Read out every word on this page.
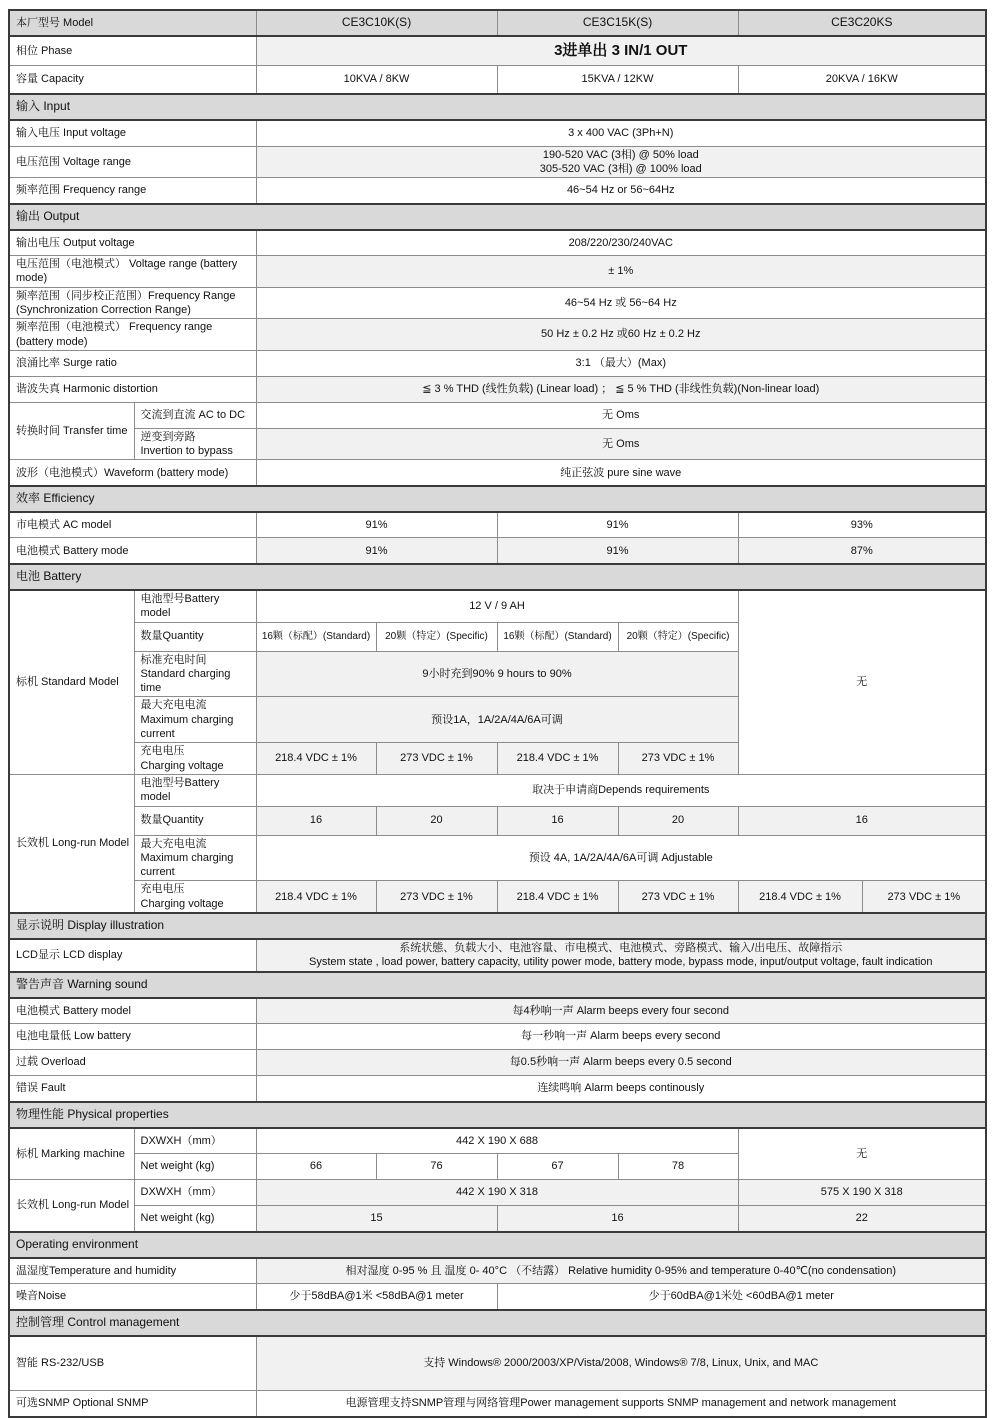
本厂型号 Model		CE3C10K(S)		CE3C15K(S)		CE3C20KS	
相位 Phase		3进单出 3 IN/1 OUT					
容量 Capacity		10KVA / 8KW		15KVA / 12KW		20KVA / 16KW	
输入 Input							
输入电压 Input voltage		3 x 400 VAC (3Ph+N)					
电压范围 Voltage range		190-520 VAC (3相) @ 50% load
305-520 VAC (3相) @ 100% load					

频率范围 Frequency range		46~54 Hz or 56~64Hz					
输出 Output							
输出电压 Output voltage		208/220/230/240VAC					
电压范围（电池模式） Voltage range (battery mode)		± 1%					

频率范围（同步校正范围）Frequency Range
(Synchronization Correction Range)		46~54 Hz 或 56~64 Hz					
频率范围（电池模式） Frequency range (battery mode)		50 Hz ± 0.2 Hz 或60 Hz ± 0.2 Hz					
浪涌比率 Surge ratio		3:1 （最大）(Max)					
谐波失真 Harmonic distortion		≦ 3 % THD (线性负载) (Linear load) ； ≦ 5 % THD (非线性负载)(Non-linear load)					
转换时间 Transfer time	交流到直流 AC to DC	无 Oms					

	逆变到旁路
Invertion to bypass	无 Oms					
波形（电池模式）Waveform (battery mode)		纯正弦波 pure sine wave					
效率 Efficiency							
市电模式 AC model		91%		91%		93%	
电池模式 Battery mode		91%		91%		87%	
电池 Battery							
标机 Standard Model	电池型号Battery model	12 V / 9 AH				无	
	数量Quantity	16颗（标配）(Standard)	20颗（特定）(Specific)	16颗（标配）(Standard)	20颗（特定）(Specific)		

	标准充电时间
Standard charging time	9小时充到90% 9 hours to 90%					

	最大充电电流
Maximum charging current	预设1A，1A/2A/4A/6A可调					

	充电电压
Charging voltage	218.4 VDC ± 1%	273 VDC ± 1%	218.4 VDC ± 1%	273 VDC ± 1%		
长效机 Long-run Model	电池型号Battery model	取决于申请商Depends requirements					
	数量Quantity	16	20	16	20	16	

	最大充电电流
Maximum charging current	预设 4A, 1A/2A/4A/6A可调 Adjustable					

	充电电压
Charging voltage	218.4 VDC ± 1%	273 VDC ± 1%	218.4 VDC ± 1%	273 VDC ± 1%	218.4 VDC ± 1%	273 VDC ± 1%
显示说明 Display illustration							
LCD显示 LCD display		系统状態、负载大小、电池容量、市电模式、电池模式、旁路模式、输入/出电压、故障指示
System state , load power, battery capacity, utility power mode, battery mode, bypass mode, input/output voltage, fault indication					

警告声音 Warning sound							
电池模式 Battery model		每4秒响一声 Alarm beeps every four second					
电池电量低 Low battery		每一秒响一声 Alarm beeps every second					
过载 Overload		每0.5秒响一声 Alarm beeps every 0.5 second					
错误 Fault		连续鸣响 Alarm beeps continously					
物理性能 Physical properties							
标机 Marking machine	DXWXH（mm）	442 X 190 X 688				无	
	Net weight (kg)	66	76	67	78		
长效机 Long-run Model	DXWXH（mm）	442 X 190 X 318				575 X 190 X 318	
	Net weight (kg)	15		16		22	
Operating environment							
温湿度Temperature and humidity		相对湿度 0-95 % 且 温度 0- 40°C （不结露） Relative humidity 0-95% and temperature 0-40℃(no condensation)					
噪音Noise		少于58dBA@1米 <58dBA@1 meter		少于60dBA@1米处 <60dBA@1 meter			
控制管理 Control management							
智能 RS-232/USB		支持 Windows® 2000/2003/XP/Vista/2008, Windows® 7/8, Linux, Unix, and MAC					
可选SNMP Optional SNMP		电源管理支持SNMP管理与网络管理Power management supports SNMP management and network management					
